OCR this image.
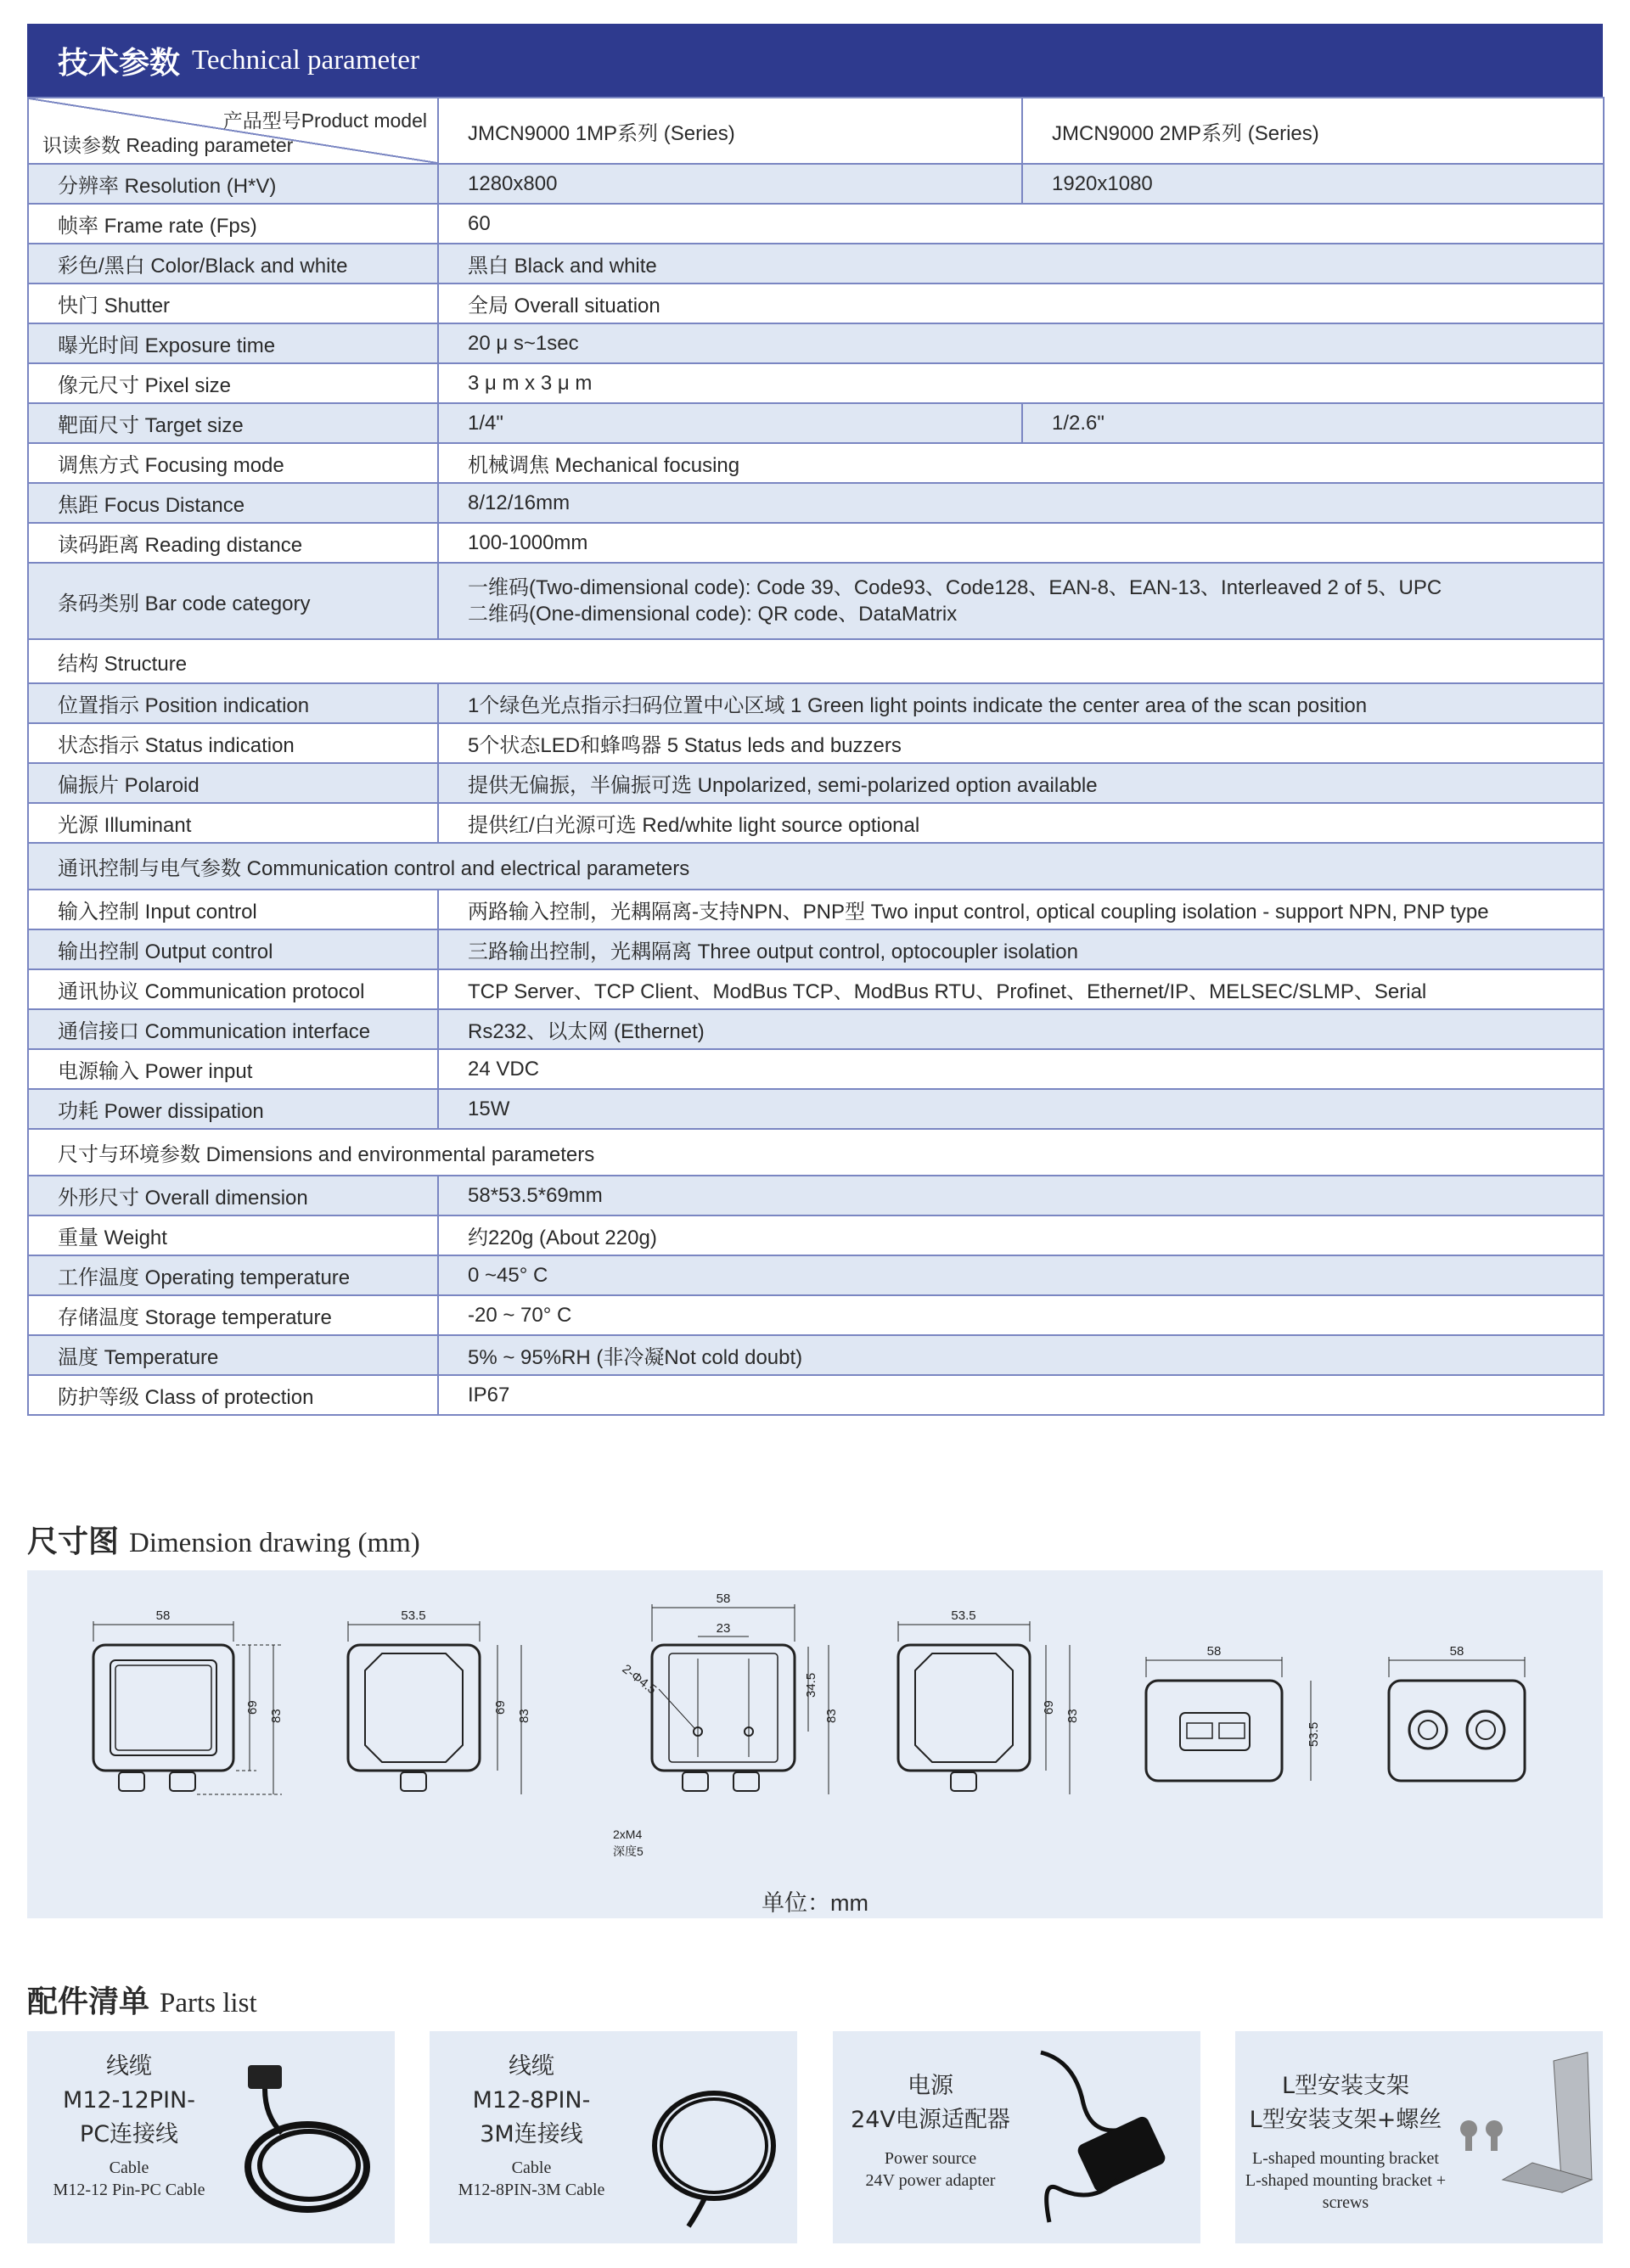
技术参数 Technical parameter
产品型号Product model
识读参数 Reading parameter	JMCN9000 1MP系列 (Series)	JMCN9000 2MP系列 (Series)
分辨率 Resolution (H*V)	1280x800	1920x1080
帧率 Frame rate (Fps)	60	
彩色/黑白 Color/Black and white	黑白 Black and white	
快门 Shutter	全局 Overall situation	
曝光时间 Exposure time	20 μ s~1sec	
像元尺寸 Pixel size	3 μ m x 3 μ m	
靶面尺寸 Target size	1/4"	1/2.6"
调焦方式 Focusing mode	机械调焦 Mechanical focusing	
焦距 Focus Distance	8/12/16mm	
读码距离 Reading distance	100-1000mm	
条码类别 Bar code category	一维码(Two-dimensional code): Code 39、Code93、Code128、EAN-8、EAN-13、Interleaved 2 of 5、UPC
二维码(One-dimensional code): QR code、DataMatrix	

结构 Structure		
位置指示 Position indication	1个绿色光点指示扫码位置中心区域 1 Green light points indicate the center area of the scan position	
状态指示 Status indication	5个状态LED和蜂鸣器 5 Status leds and buzzers	
偏振片 Polaroid	提供无偏振，半偏振可选 Unpolarized, semi-polarized option available	
光源 Illuminant	提供红/白光源可选 Red/white light source optional	
通讯控制与电气参数 Communication control and electrical parameters		
输入控制 Input control	两路输入控制，光耦隔离-支持NPN、PNP型 Two input control, optical coupling isolation - support NPN, PNP type	
输出控制 Output control	三路输出控制，光耦隔离 Three output control, optocoupler isolation	
通讯协议 Communication protocol	TCP Server、TCP Client、ModBus TCP、ModBus RTU、Profinet、Ethernet/IP、MELSEC/SLMP、Serial	
通信接口 Communication interface	Rs232、以太网 (Ethernet)	
电源输入 Power input	24 VDC	
功耗 Power dissipation	15W	
尺寸与环境参数 Dimensions and environmental parameters		
外形尺寸 Overall dimension	58*53.5*69mm	
重量 Weight	约220g (About 220g)	
工作温度 Operating temperature	0 ~45° C	
存储温度 Storage temperature	-20 ~ 70° C	
温度 Temperature	5% ~ 95%RH (非冷凝Not cold doubt)	
防护等级 Class of protection	IP67	
尺寸图 Dimension drawing (mm)
58
69
83
53.5
69
83
58
23
2-Φ4.5	34.5
83
2xM4
深度5
53.5
69
83
58
53.5
58
单位：mm
配件清单 Parts list
线缆
M12-12PIN-
PC连接线
Cable
M12-12 Pin-PC Cable
线缆
M12-8PIN-
3M连接线
Cable
M12-8PIN-3M Cable
电源
24V电源适配器
Power source
24V power adapter
L型安装支架
L型安装支架+螺丝
L-shaped mounting bracket
L-shaped mounting bracket +
screws
